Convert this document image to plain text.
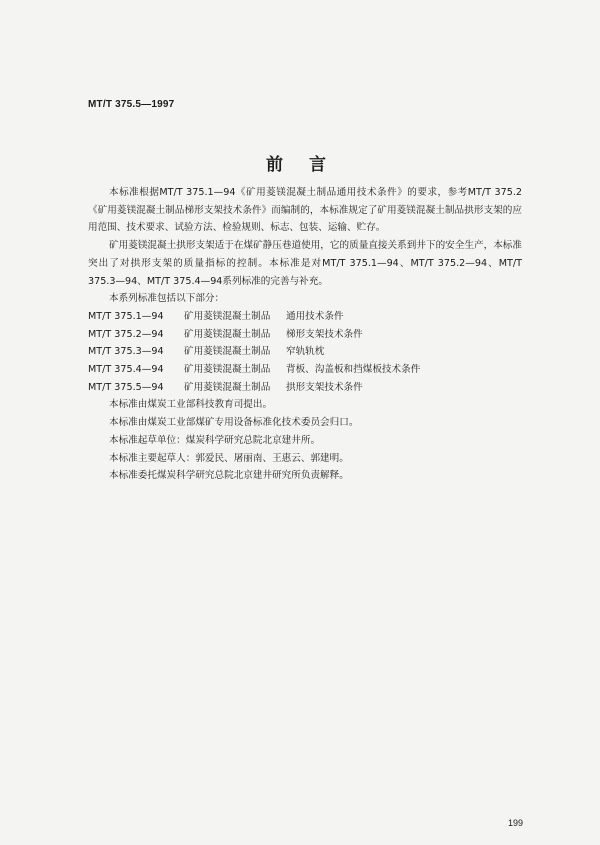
MT/T 375.5—1997
前言

本标准根据MT/T 375.1—94《矿用菱镁混凝土制品通用技术条件》的要求，参考MT/T 375.2《矿用菱镁混凝土制品梯形支架技术条件》而编制的，本标准规定了矿用菱镁混凝土制品拱形支架的应用范围、技术要求、试验方法、检验规则、标志、包装、运输、贮存。

矿用菱镁混凝土拱形支架适于在煤矿静压巷道使用，它的质量直接关系到井下的安全生产，本标准突出了对拱形支架的质量指标的控制。本标准是对MT/T 375.1—94、MT/T 375.2—94、MT/T 375.3—94、MT/T 375.4—94系列标准的完善与补充。

本系列标准包括以下部分：

MT/T 375.1—94	矿用菱镁混凝土制品	通用技术条件
MT/T 375.2—94	矿用菱镁混凝土制品	梯形支架技术条件
MT/T 375.3—94	矿用菱镁混凝土制品	窄轨轨枕
MT/T 375.4—94	矿用菱镁混凝土制品	背板、沟盖板和挡煤板技术条件
MT/T 375.5—94	矿用菱镁混凝土制品	拱形支架技术条件

本标准由煤炭工业部科技教育司提出。

本标准由煤炭工业部煤矿专用设备标准化技术委员会归口。

本标准起草单位：煤炭科学研究总院北京建井所。

本标准主要起草人：郭爱民、屠丽南、王惠云、郭建明。

本标准委托煤炭科学研究总院北京建井研究所负责解释。

199
